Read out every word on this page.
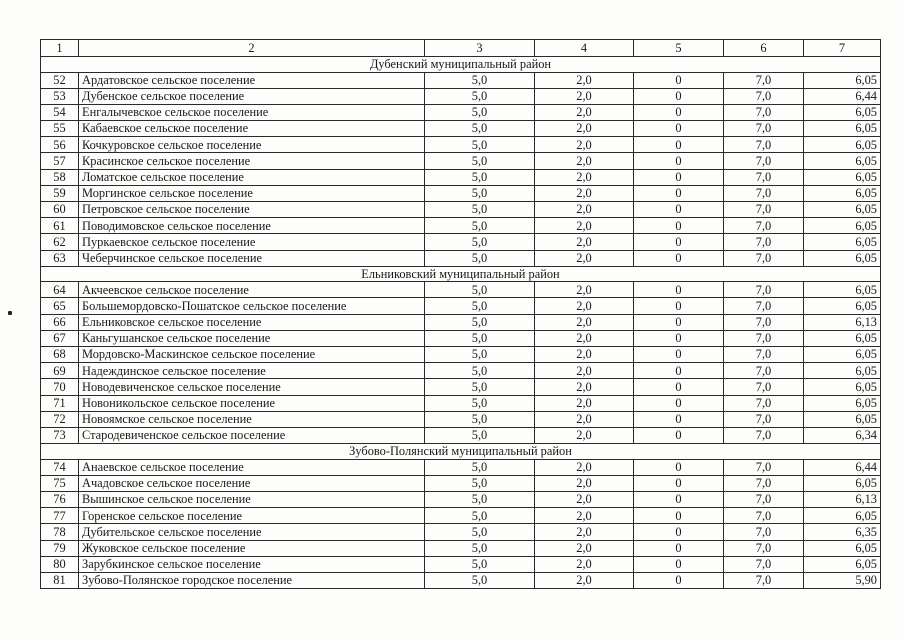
1	2	3	4	5	6	7
Дубенский муниципальный район						
52	Ардатовское сельское поселение	5,0	2,0	0	7,0	6,05
53	Дубенское сельское поселение	5,0	2,0	0	7,0	6,44
54	Енгалычевское сельское поселение	5,0	2,0	0	7,0	6,05
55	Кабаевское сельское поселение	5,0	2,0	0	7,0	6,05
56	Кочкуровское сельское поселение	5,0	2,0	0	7,0	6,05
57	Красинское сельское поселение	5,0	2,0	0	7,0	6,05
58	Ломатское сельское поселение	5,0	2,0	0	7,0	6,05
59	Моргинское сельское поселение	5,0	2,0	0	7,0	6,05
60	Петровское сельское поселение	5,0	2,0	0	7,0	6,05
61	Поводимовское сельское поселение	5,0	2,0	0	7,0	6,05
62	Пуркаевское сельское поселение	5,0	2,0	0	7,0	6,05
63	Чеберчинское сельское поселение	5,0	2,0	0	7,0	6,05
Ельниковский муниципальный район						
64	Акчеевское сельское поселение	5,0	2,0	0	7,0	6,05
65	Большемордовско-Пошатское сельское поселение	5,0	2,0	0	7,0	6,05
66	Ельниковское сельское поселение	5,0	2,0	0	7,0	6,13
67	Каньгушанское сельское поселение	5,0	2,0	0	7,0	6,05
68	Мордовско-Маскинское сельское поселение	5,0	2,0	0	7,0	6,05
69	Надеждинское сельское поселение	5,0	2,0	0	7,0	6,05
70	Новодевиченское сельское поселение	5,0	2,0	0	7,0	6,05
71	Новоникольское сельское поселение	5,0	2,0	0	7,0	6,05
72	Новоямское сельское поселение	5,0	2,0	0	7,0	6,05
73	Стародевиченское сельское поселение	5,0	2,0	0	7,0	6,34
Зубово-Полянский муниципальный район						
74	Анаевское сельское поселение	5,0	2,0	0	7,0	6,44
75	Ачадовское сельское поселение	5,0	2,0	0	7,0	6,05
76	Вышинское сельское поселение	5,0	2,0	0	7,0	6,13
77	Горенское сельское поселение	5,0	2,0	0	7,0	6,05
78	Дубительское сельское поселение	5,0	2,0	0	7,0	6,35
79	Жуковское сельское поселение	5,0	2,0	0	7,0	6,05
80	Зарубкинское сельское поселение	5,0	2,0	0	7,0	6,05
81	Зубово-Полянское городское поселение	5,0	2,0	0	7,0	5,90
